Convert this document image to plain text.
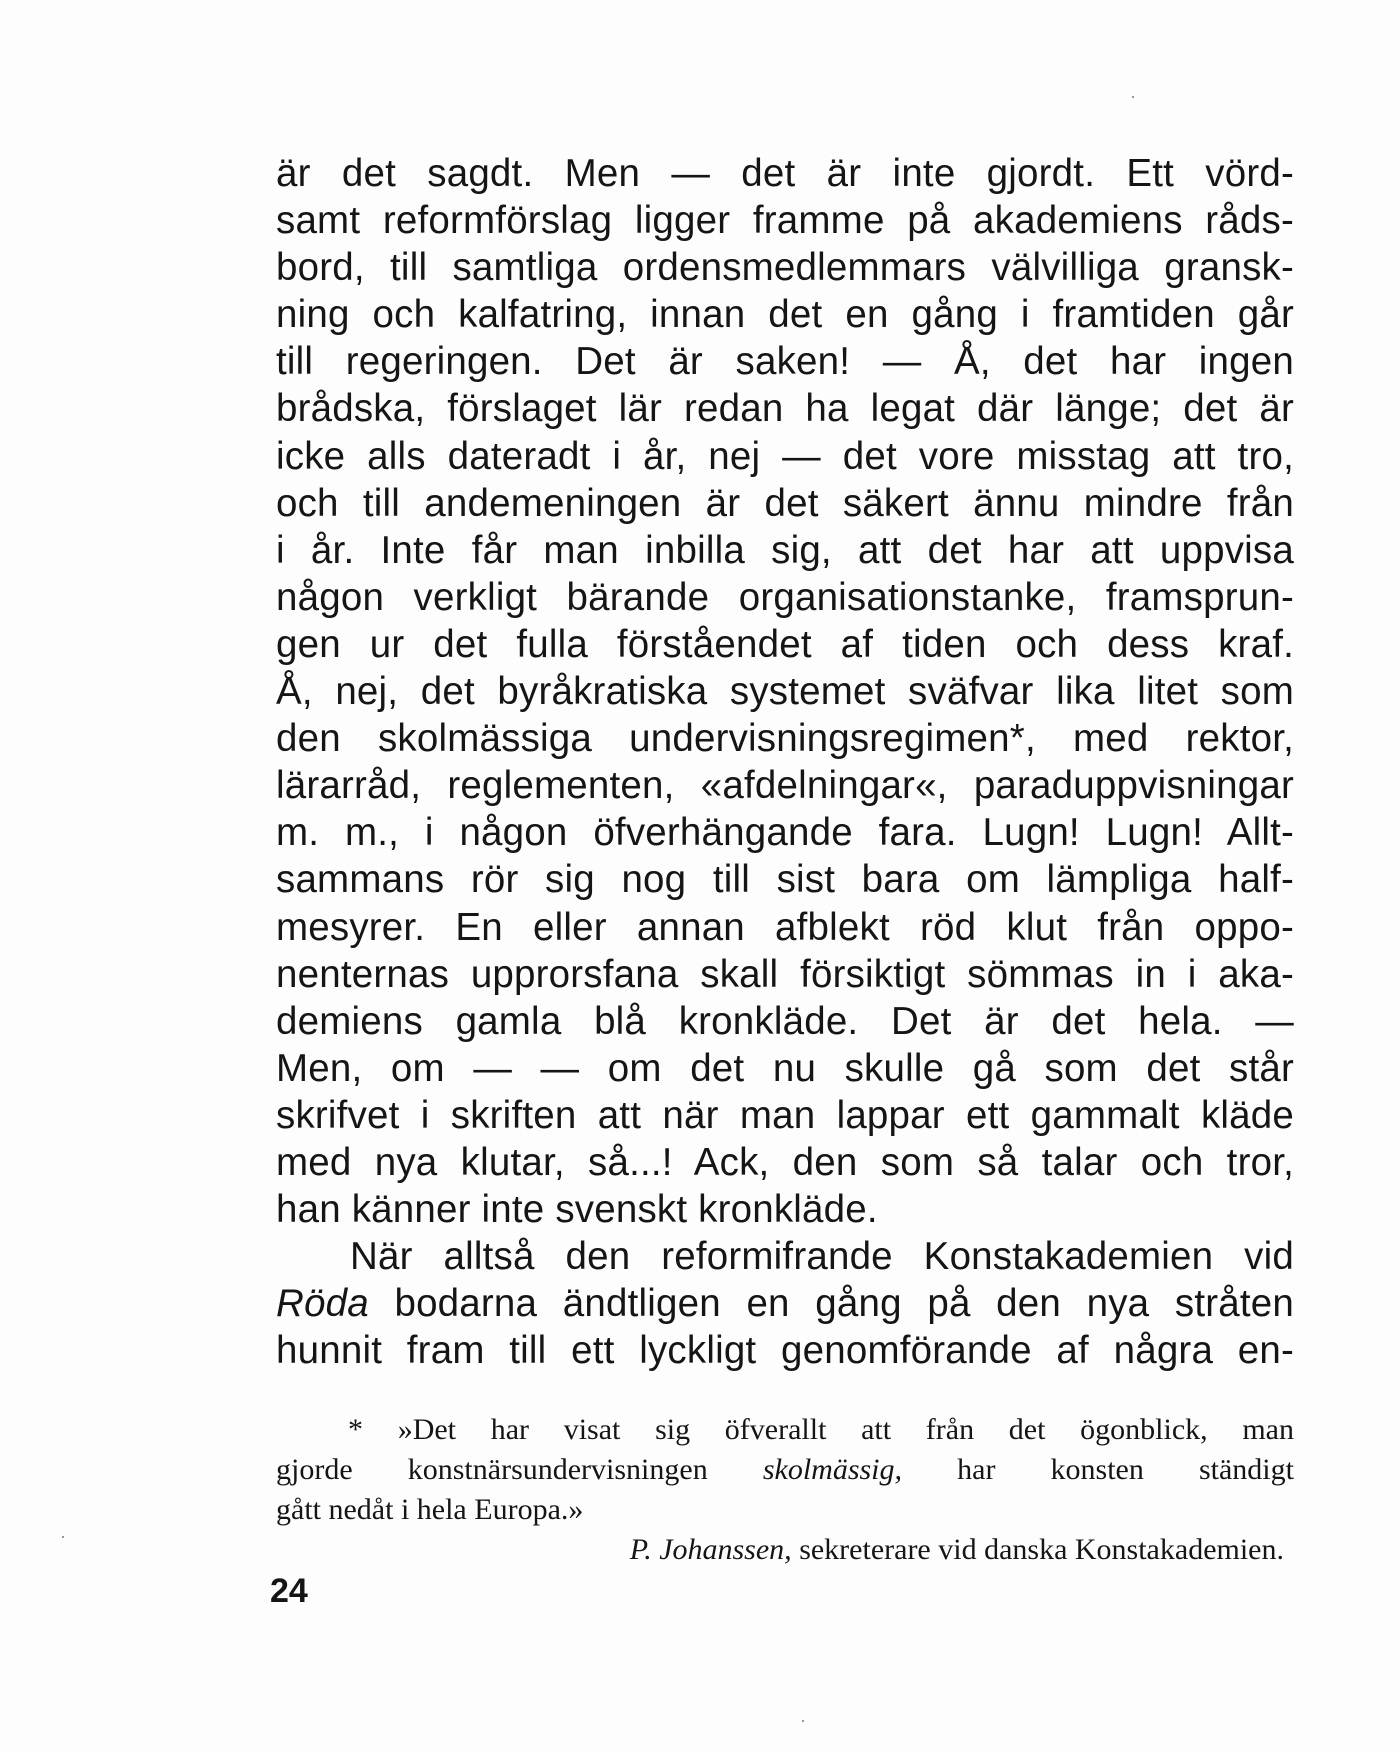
är det sagdt. Men — det är inte gjordt. Ett vörd-
samt reformförslag ligger framme på akademiens råds-
bord, till samtliga ordensmedlemmars välvilliga gransk-
ning och kalfatring, innan det en gång i framtiden går
till regeringen. Det är saken! — Å, det har ingen
brådska, förslaget lär redan ha legat där länge; det är
icke alls dateradt i år, nej — det vore misstag att tro,
och till andemeningen är det säkert ännu mindre från
i år. Inte får man inbilla sig, att det har att uppvisa
någon verkligt bärande organisationstanke, framsprun-
gen ur det fulla förståendet af tiden och dess kraf.
Å, nej, det byråkratiska systemet sväfvar lika litet som
den skolmässiga undervisningsregimen*, med rektor,
lärarråd, reglementen, «afdelningar«, paraduppvisningar
m. m., i någon öfverhängande fara. Lugn! Lugn! Allt-
sammans rör sig nog till sist bara om lämpliga half-
mesyrer. En eller annan afblekt röd klut från oppo-
nenternas upprorsfana skall försiktigt sömmas in i aka-
demiens gamla blå kronkläde. Det är det hela. —
Men, om — — om det nu skulle gå som det står
skrifvet i skriften att när man lappar ett gammalt kläde
med nya klutar, så...! Ack, den som så talar och tror,
han känner inte svenskt kronkläde.
När alltså den reformifrande Konstakademien vid
Röda bodarna ändtligen en gång på den nya stråten
hunnit fram till ett lyckligt genomförande af några en-
* »Det har visat sig öfverallt att från det ögonblick, man
gjorde konstnärsundervisningen skolmässig, har konsten ständigt
gått nedåt i hela Europa.»
P. Johanssen, sekreterare vid danska Konstakademien.
24
